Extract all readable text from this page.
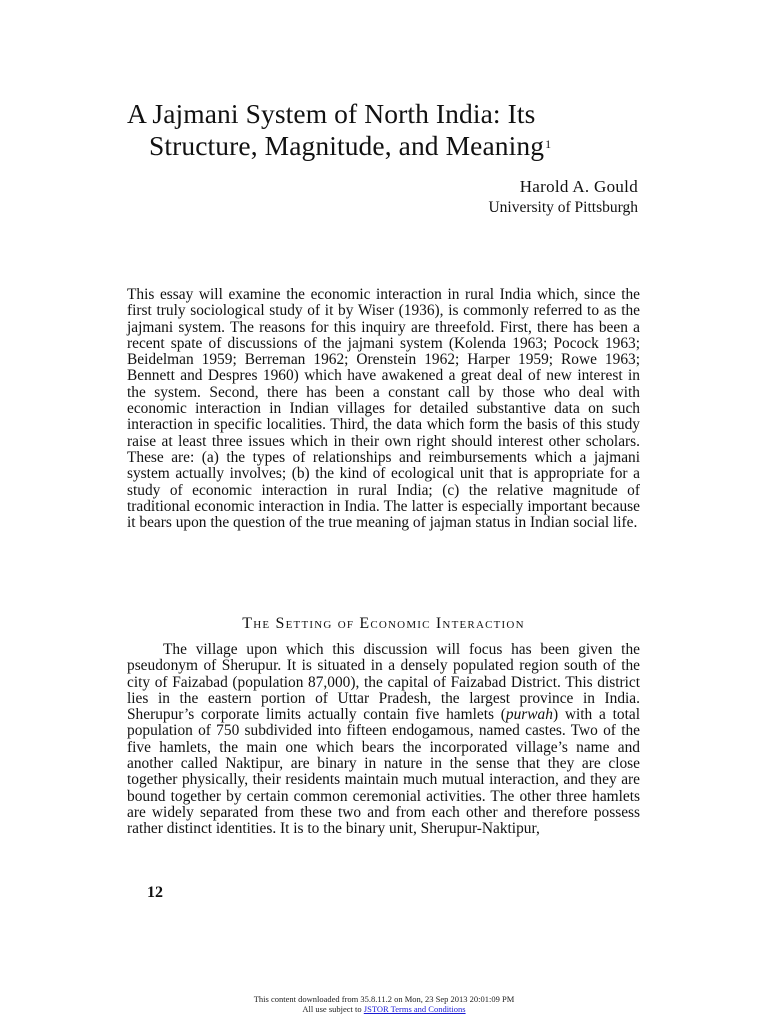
A Jajmani System of North India: Its
Structure, Magnitude, and Meaning$^1$
Harold A. Gould
University of Pittsburgh

This essay will examine the economic interaction in rural India which, since the first truly sociological study of it by Wiser (1936), is commonly referred to as the jajmani system. The reasons for this inquiry are threefold. First, there has been a recent spate of discussions of the jajmani system (Kolenda 1963; Pocock 1963; Beidelman 1959; Berreman 1962; Orenstein 1962; Harper 1959; Rowe 1963; Bennett and Despres 1960) which have awakened a great deal of new interest in the system. Second, there has been a constant call by those who deal with economic interaction in Indian villages for detailed substantive data on such interaction in specific localities. Third, the data which form the basis of this study raise at least three issues which in their own right should interest other scholars. These are: (a) the types of relationships and reimbursements which a jajmani system actually involves; (b) the kind of ecological unit that is appropriate for a study of economic interaction in rural India; (c) the relative magnitude of traditional economic interaction in India. The latter is especially important because it bears upon the question of the true meaning of jajman status in Indian social life.

The Setting of Economic Interaction

The village upon which this discussion will focus has been given the pseudonym of Sherupur. It is situated in a densely populated region south of the city of Faizabad (population 87,000), the capital of Faizabad District. This district lies in the eastern portion of Uttar Pradesh, the largest province in India. Sherupur’s corporate limits actually contain five hamlets (purwah) with a total population of 750 subdivided into fifteen endogamous, named castes. Two of the five hamlets, the main one which bears the incorporated village’s name and another called Naktipur, are binary in nature in the sense that they are close together physically, their residents maintain much mutual interaction, and they are bound together by certain common ceremonial activities. The other three hamlets are widely separated from these two and from each other and therefore possess rather distinct identities. It is to the binary unit, Sherupur-Naktipur,

12
This content downloaded from 35.8.11.2 on Mon, 23 Sep 2013 20:01:09 PM
All use subject to JSTOR Terms and Conditions
